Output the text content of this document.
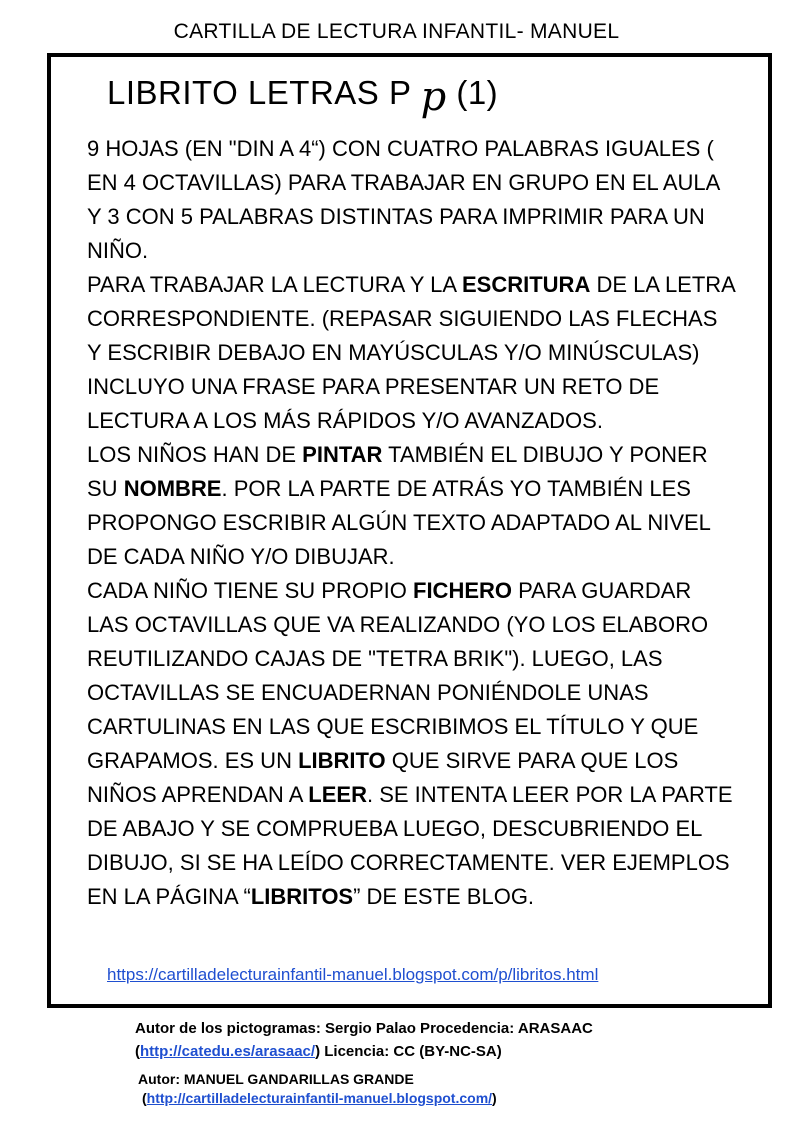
CARTILLA DE LECTURA INFANTIL- MANUEL
LIBRITO LETRAS P p (1)

9 HOJAS (EN "DIN A 4“) CON CUATRO PALABRAS IGUALES ( EN 4 OCTAVILLAS) PARA TRABAJAR EN GRUPO EN EL AULA Y 3 CON 5 PALABRAS DISTINTAS PARA IMPRIMIR PARA UN NIÑO.

PARA TRABAJAR LA LECTURA Y LA ESCRITURA DE LA LETRA CORRESPONDIENTE. (REPASAR SIGUIENDO LAS FLECHAS Y ESCRIBIR DEBAJO EN MAYÚSCULAS Y/O MINÚSCULAS)

INCLUYO UNA FRASE PARA PRESENTAR UN RETO DE LECTURA A LOS MÁS RÁPIDOS Y/O AVANZADOS.

LOS NIÑOS HAN DE PINTAR TAMBIÉN EL DIBUJO Y PONER SU NOMBRE. POR LA PARTE DE ATRÁS YO TAMBIÉN LES PROPONGO ESCRIBIR ALGÚN TEXTO ADAPTADO AL NIVEL DE CADA NIÑO Y/O DIBUJAR.

CADA NIÑO TIENE SU PROPIO FICHERO PARA GUARDAR LAS OCTAVILLAS QUE VA REALIZANDO (YO LOS ELABORO REUTILIZANDO CAJAS DE "TETRA BRIK"). LUEGO, LAS OCTAVILLAS SE ENCUADERNAN PONIÉNDOLE UNAS CARTULINAS EN LAS QUE ESCRIBIMOS EL TÍTULO Y QUE GRAPAMOS. ES UN LIBRITO QUE SIRVE PARA QUE LOS NIÑOS APRENDAN A LEER. SE INTENTA LEER POR LA PARTE DE ABAJO Y SE COMPRUEBA LUEGO, DESCUBRIENDO EL DIBUJO, SI SE HA LEÍDO CORRECTAMENTE. VER EJEMPLOS EN LA PÁGINA “LIBRITOS” DE ESTE BLOG.

https://cartilladelecturainfantil-manuel.blogspot.com/p/libritos.html
Autor de los pictogramas: Sergio Palao Procedencia: ARASAAC
(http://catedu.es/arasaac/) Licencia: CC (BY-NC-SA)
Autor: MANUEL GANDARILLAS GRANDE
(http://cartilladelecturainfantil-manuel.blogspot.com/)
